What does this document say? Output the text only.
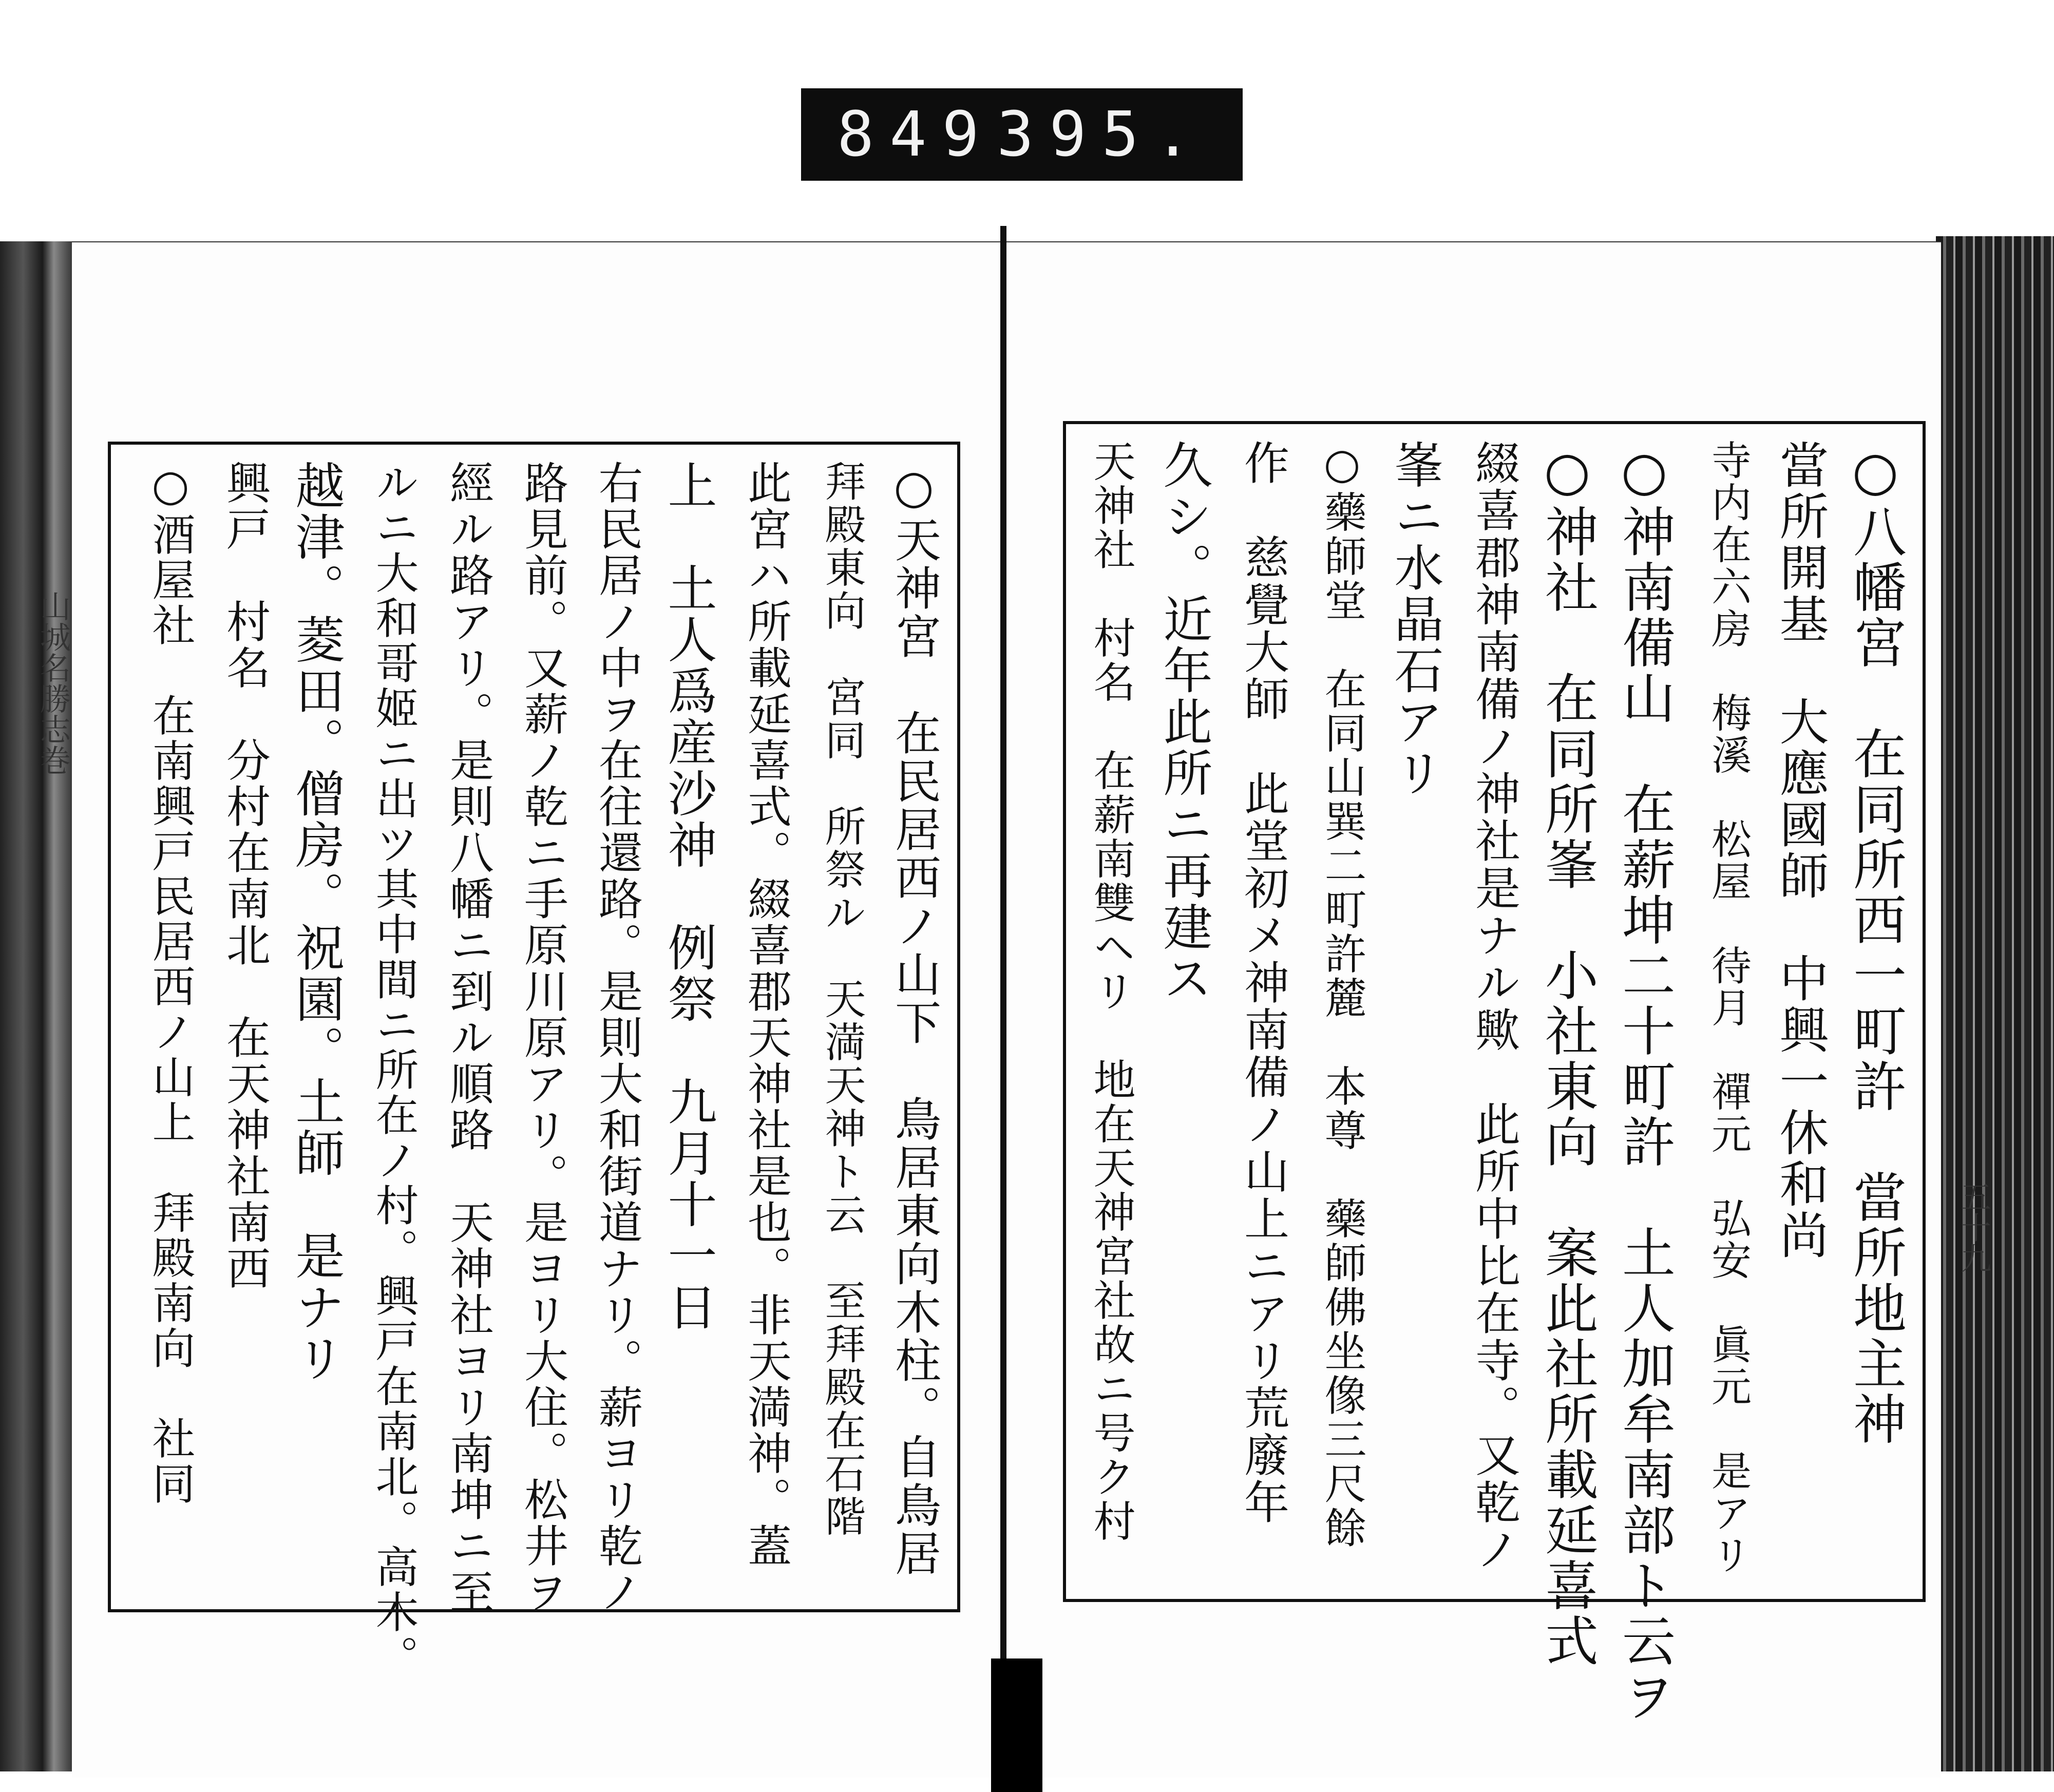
849 395.
山城名勝志巻
五十九
○八幡宮　在同所西一町許　當所地主神
當所開基　大應國師　中興一休和尚
寺内在六房　梅溪　松屋　待月　禪元　弘安　眞元　是アリ
○神南備山　在薪坤二十町許　土人加牟南部ト云ヲ
○神社　在同所峯　小社東向　案此社所載延喜式
綴喜郡神南備ノ神社是ナル歟　此所中比在寺。又乾ノ
峯ニ水晶石アリ
○藥師堂　在同山巽二町許麓　本尊　藥師佛坐像三尺餘
作　慈覺大師　此堂初メ神南備ノ山上ニアリ荒廢年
久シ。近年此所ニ再建ス
天神社　村名　在薪南雙ヘリ　地在天神宮社故ニ号ク村
○天神宮　在民居西ノ山下　鳥居東向木柱。自鳥居
拜殿東向　宮同　所祭ル　天満天神ト云　至拜殿在石階
此宮ハ所載延喜式。綴喜郡天神社是也。非天満神。蓋
上　土人爲産沙神　例祭　九月十一日
右民居ノ中ヲ在往還路。是則大和街道ナリ。薪ヨリ乾ノ
路見前。又薪ノ乾ニ手原川原アリ。是ヨリ大住。松井ヲ
經ル路アリ。是則八幡ニ到ル順路　天神社ヨリ南坤ニ至
ルニ大和哥姬ニ出ツ其中間ニ所在ノ村。興戸在南北。高木。
越津。菱田。僧房。祝園。土師　是ナリ
興戸　村名　分村在南北　在天神社南西
○酒屋社　在南興戸民居西ノ山上　拜殿南向　社同
